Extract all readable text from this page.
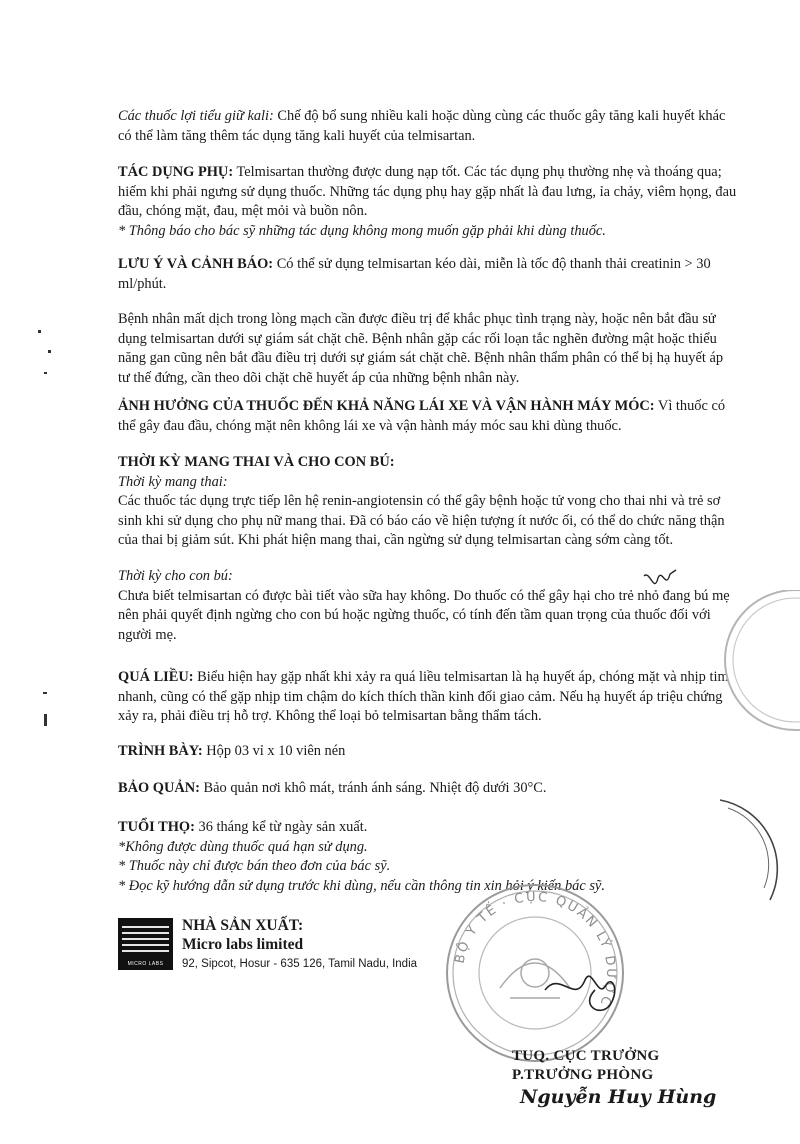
Các thuốc lợi tiểu giữ kali: Chế độ bổ sung nhiều kali hoặc dùng cùng các thuốc gây tăng kali huyết khác có thể làm tăng thêm tác dụng tăng kali huyết của telmisartan.

TÁC DỤNG PHỤ: Telmisartan thường được dung nạp tốt. Các tác dụng phụ thường nhẹ và thoáng qua; hiếm khi phải ngưng sử dụng thuốc. Những tác dụng phụ hay gặp nhất là đau lưng, ỉa chảy, viêm họng, đau đầu, chóng mặt, đau, mệt mỏi và buồn nôn.

* Thông báo cho bác sỹ những tác dụng không mong muốn gặp phải khi dùng thuốc.

LƯU Ý VÀ CẢNH BÁO: Có thể sử dụng telmisartan kéo dài, miễn là tốc độ thanh thải creatinin > 30 ml/phút.

Bệnh nhân mất dịch trong lòng mạch cần được điều trị để khắc phục tình trạng này, hoặc nên bắt đầu sử dụng telmisartan dưới sự giám sát chặt chẽ. Bệnh nhân gặp các rối loạn tắc nghẽn đường mật hoặc thiểu năng gan cũng nên bắt đầu điều trị dưới sự giám sát chặt chẽ. Bệnh nhân thẩm phân có thể bị hạ huyết áp tư thế đứng, cần theo dõi chặt chẽ huyết áp của những bệnh nhân này.

ẢNH HƯỞNG CỦA THUỐC ĐẾN KHẢ NĂNG LÁI XE VÀ VẬN HÀNH MÁY MÓC: Vì thuốc có thể gây đau đầu, chóng mặt nên không lái xe và vận hành máy móc sau khi dùng thuốc.

THỜI KỲ MANG THAI VÀ CHO CON BÚ:

Thời kỳ mang thai:

Các thuốc tác dụng trực tiếp lên hệ renin-angiotensin có thể gây bệnh hoặc tử vong cho thai nhi và trẻ sơ sinh khi sử dụng cho phụ nữ mang thai. Đã có báo cáo về hiện tượng ít nước ối, có thể do chức năng thận của thai bị giảm sút. Khi phát hiện mang thai, cần ngừng sử dụng telmisartan càng sớm càng tốt.

Thời kỳ cho con bú:

Chưa biết telmisartan có được bài tiết vào sữa hay không. Do thuốc có thể gây hại cho trẻ nhỏ đang bú mẹ nên phải quyết định ngừng cho con bú hoặc ngừng thuốc, có tính đến tầm quan trọng của thuốc đối với người mẹ.

QUÁ LIỀU: Biểu hiện hay gặp nhất khi xảy ra quá liều telmisartan là hạ huyết áp, chóng mặt và nhịp tim nhanh, cũng có thể gặp nhịp tim chậm do kích thích thần kinh đối giao cảm. Nếu hạ huyết áp triệu chứng xảy ra, phải điều trị hỗ trợ. Không thể loại bỏ telmisartan bằng thẩm tách.

TRÌNH BÀY: Hộp 03 vỉ x 10 viên nén

BẢO QUẢN: Bảo quản nơi khô mát, tránh ánh sáng. Nhiệt độ dưới 30°C.

TUỔI THỌ: 36 tháng kể từ ngày sản xuất.

*Không được dùng thuốc quá hạn sử dụng.

* Thuốc này chỉ được bán theo đơn của bác sỹ.

* Đọc kỹ hướng dẫn sử dụng trước khi dùng, nếu cần thông tin xin hỏi ý kiến bác sỹ.

MICRO LABS
NHÀ SẢN XUẤT:
Micro labs limited
92, Sipcot, Hosur - 635 126, Tamil Nadu, India	BỘ Y TẾ · CỤC QUẢN LÝ DƯỢC
TUQ. CỤC TRƯỞNG
P.TRƯỞNG PHÒNG
Nguyễn Huy Hùng
